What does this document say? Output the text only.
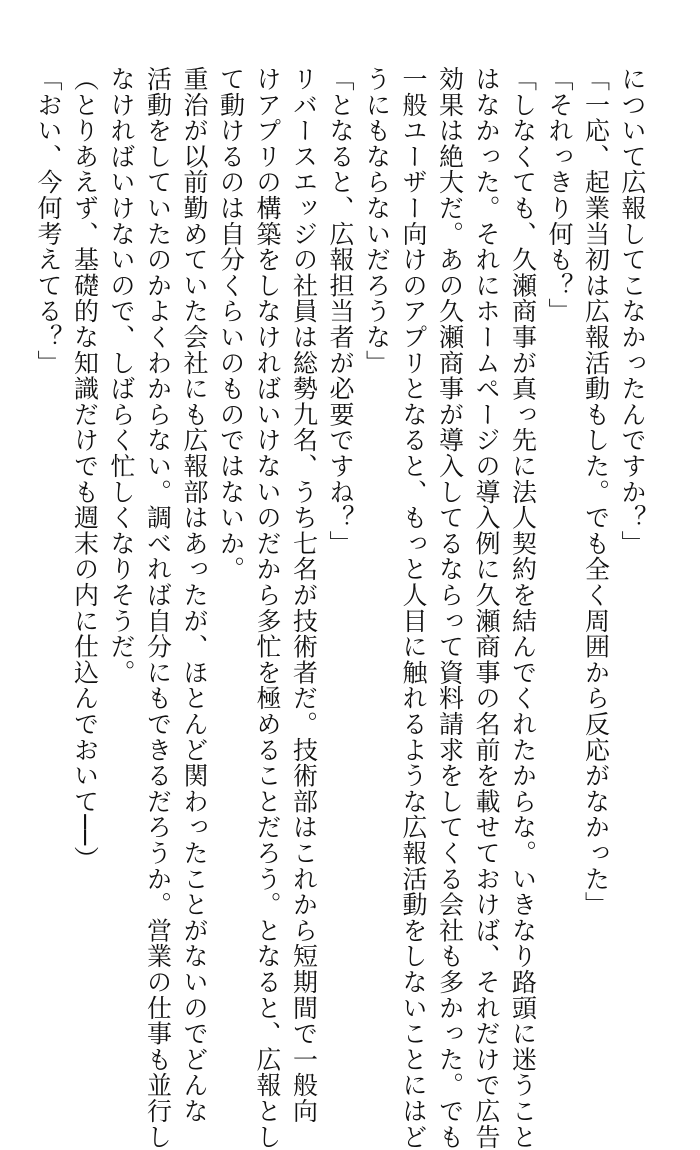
について広報してこなかったんですか？」
「一応、起業当初は広報活動もした。でも全く周囲から反応がなかった」
「それっきり何も？」
「しなくても、久瀬商事が真っ先に法人契約を結んでくれたからな。いきなり路頭に迷うこと
はなかった。それにホームページの導入例に久瀬商事の名前を載せておけば、それだけで広告
効果は絶大だ。あの久瀬商事が導入してるならって資料請求をしてくる会社も多かった。でも
一般ユーザー向けのアプリとなると、もっと人目に触れるような広報活動をしないことにはど
うにもならないだろうな」
「となると、広報担当者が必要ですね？」
リバースエッジの社員は総勢九名、うち七名が技術者だ。技術部はこれから短期間で一般向
けアプリの構築をしなければいけないのだから多忙を極めることだろう。となると、広報とし
て動けるのは自分くらいのものではないか。
重治が以前勤めていた会社にも広報部はあったが、ほとんど関わったことがないのでどんな
活動をしていたのかよくわからない。調べれば自分にもできるだろうか。営業の仕事も並行し
なければいけないので、しばらく忙しくなりそうだ。
（とりあえず、基礎的な知識だけでも週末の内に仕込んでおいて──）
「おい、今何考えてる？」
